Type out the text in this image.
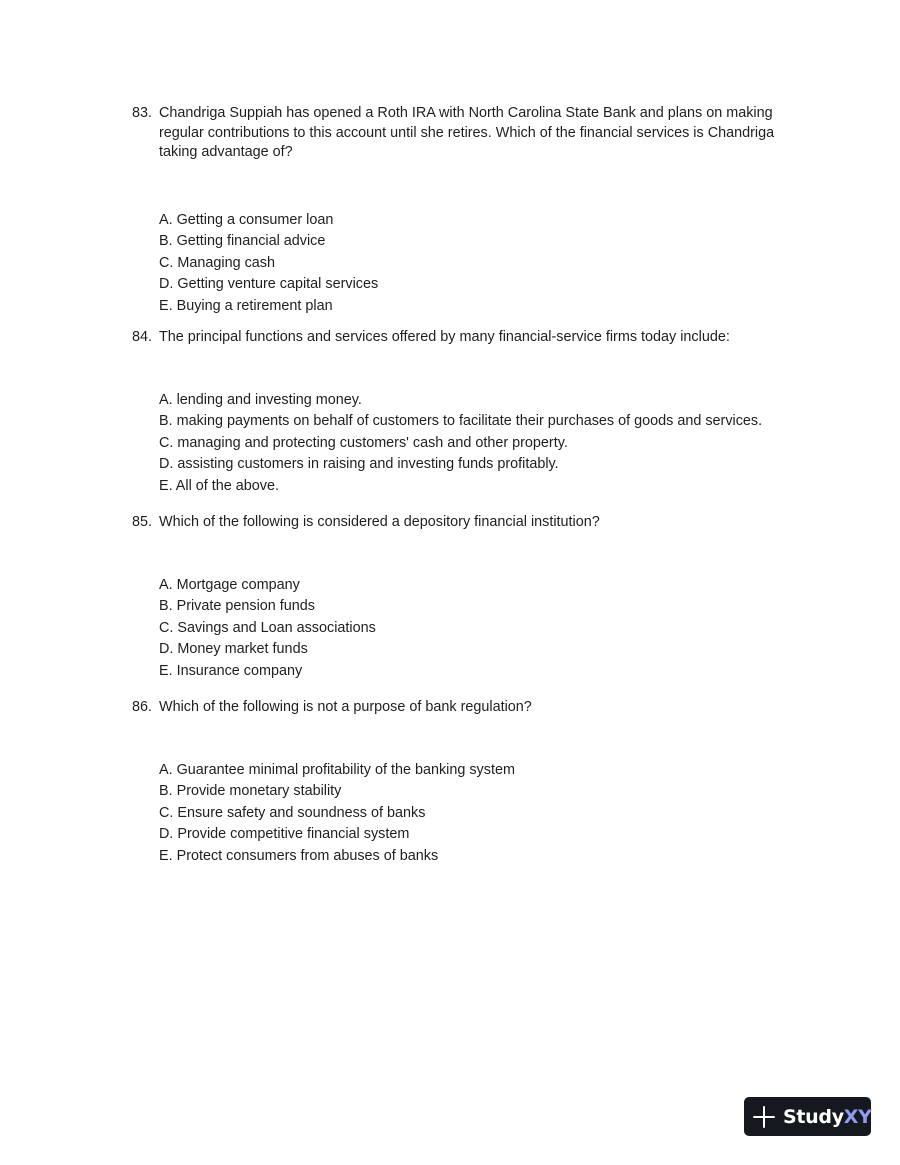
83. Chandriga Suppiah has opened a Roth IRA with North Carolina State Bank and plans on making regular contributions to this account until she retires. Which of the financial services is Chandriga taking advantage of?
A. Getting a consumer loan
B. Getting financial advice
C. Managing cash
D. Getting venture capital services
E. Buying a retirement plan
84. The principal functions and services offered by many financial-service firms today include:
A. lending and investing money.
B. making payments on behalf of customers to facilitate their purchases of goods and services.
C. managing and protecting customers' cash and other property.
D. assisting customers in raising and investing funds profitably.
E. All of the above.
85. Which of the following is considered a depository financial institution?
A. Mortgage company
B. Private pension funds
C. Savings and Loan associations
D. Money market funds
E. Insurance company
86. Which of the following is not a purpose of bank regulation?
A. Guarantee minimal profitability of the banking system
B. Provide monetary stability
C. Ensure safety and soundness of banks
D. Provide competitive financial system
E. Protect consumers from abuses of banks
StudyXY
